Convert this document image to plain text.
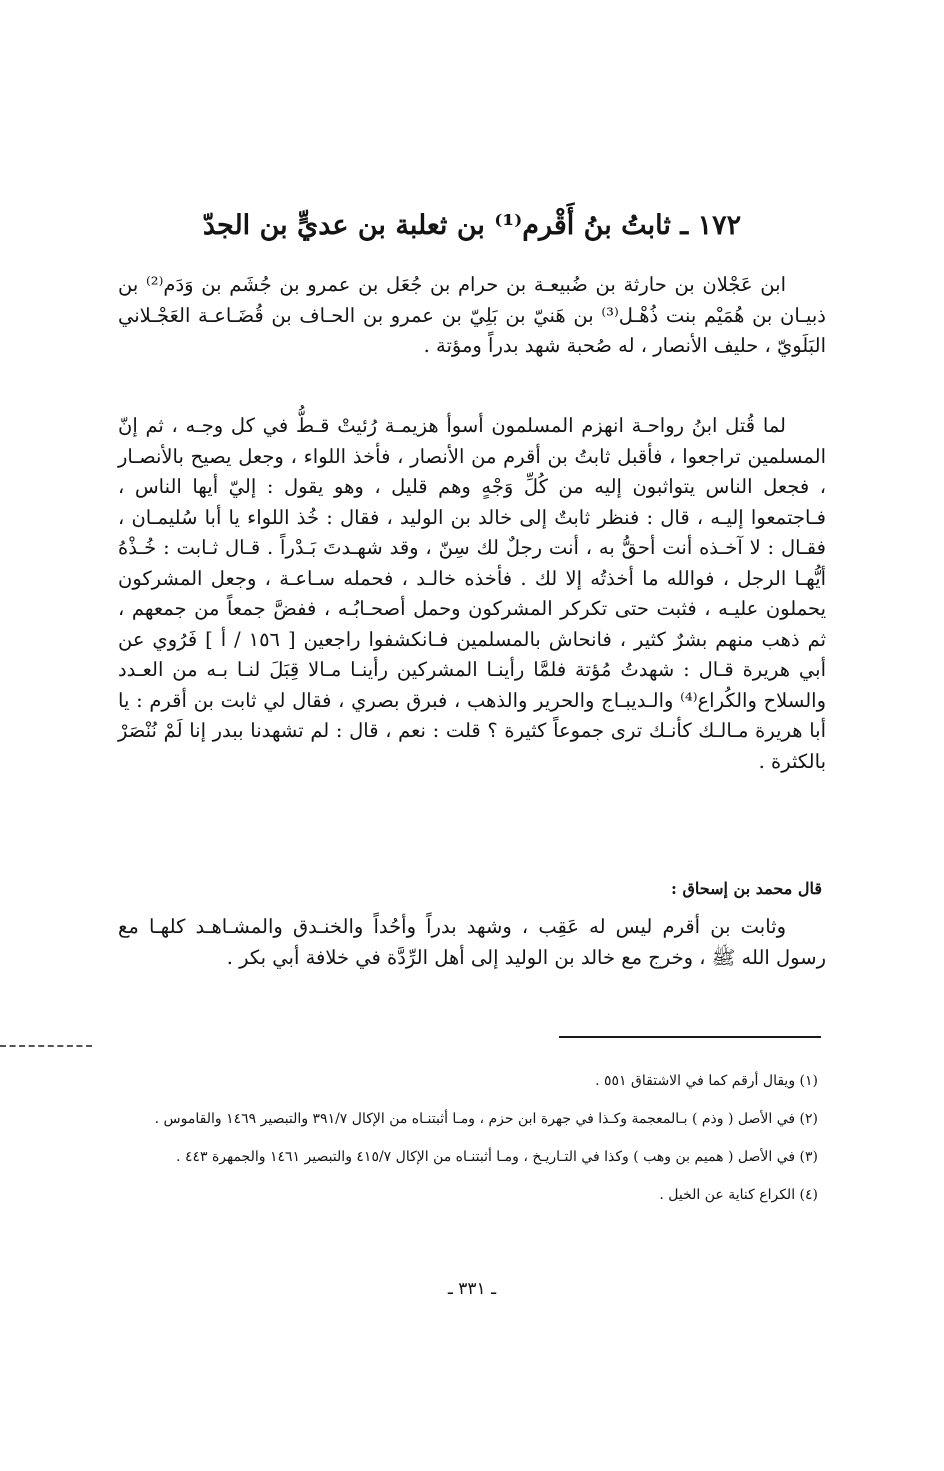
١٧٢ ـ ثابتُ بنُ أَقْرم⁽¹⁾ بن ثعلبة بن عديٍّ بن الجدّ

ابن عَجْلان بن حارثة بن ضُبيعـة بن حرام بن جُعَل بن عمرو بن جُشَم بن وَدَم⁽²⁾ بن ذبيـان بن هُمَيْم بنت ذُهْـل⁽³⁾ بن هَنيّ بن بَلِيّ بن عمرو بن الحـاف بن قُضَـاعـة العَجْـلاني البَلَويّ ، حليف الأنصار ، له صُحبة شهد بدراً ومؤتة .

لما قُتل ابنُ رواحـة انهزم المسلمون أسوأ هزيمـة رُئيتْ قـطُّ في كل وجـه ، ثم إنّ المسلمين تراجعوا ، فأقبل ثابتُ بن أقرم من الأنصار ، فأخذ اللواء ، وجعل يصيح بالأنصـار ، فجعل الناس يتواثبون إليه من كُلِّ وَجْهٍ وهم قليل ، وهو يقول : إليّ أيها الناس ، فـاجتمعوا إليـه ، قال : فنظر ثابتٌ إلى خالد بن الوليد ، فقال : خُذ اللواء يا أبا سُليمـان ، فقـال : لا آخـذه أنت أحقُّ به ، أنت رجلٌ لك سِنّ ، وقد شهـدتَ بَـدْراً . قـال ثـابت : خُـذْهُ أيُّهـا الرجل ، فوالله ما أخذتُه إلا لك . فأخذه خالـد ، فحمله سـاعـة ، وجعل المشركون يحملون عليـه ، فثبت حتى تكركر المشركون وحمل أصحـابُـه ، ففضَّ جمعاً من جمعهم ، ثم ذهب منهم بشرٌ كثير ، فانحاش بالمسلمين فـانكشفوا راجعين [ ١٥٦ / أ ] فَرُوي عن أبي هريرة قـال : شهدتُ مُؤتة فلمَّا رأينـا المشركين رأينـا مـالا قِبَلَ لنـا بـه من العـدد والسلاح والكُراع⁽⁴⁾ والـديبـاج والحرير والذهب ، فبرق بصري ، فقال لي ثابت بن أقرم : يا أبا هريرة مـالـك كأنـك ترى جموعاً كثيرة ؟ قلت : نعم ، قال : لم تشهدنا ببدر إنا لَمْ نُنْصَرْ بالكثرة .

قال محمد بن إسحاق :

وثابت بن أقرم ليس له عَقِب ، وشهد بدراً وأحُداً والخنـدق والمشـاهـد كلهـا مع رسول الله ﷺ ، وخرج مع خالد بن الوليد إلى أهل الرِّدَّة في خلافة أبي بكر .

(١) ويقال أرقم كما في الاشتقاق ٥٥١ .

(٢) في الأصل ( وذم ) بـالمعجمة وكـذا في جهرة ابن حزم ، ومـا أثبتنـاه من الإكال ٣٩١/٧ والتبصير ١٤٦٩ والقاموس .

(٣) في الأصل ( هميم بن وهب ) وكذا في التـاريـخ ، ومـا أثبتنـاه من الإكال ٤١٥/٧ والتبصير ١٤٦١ والجمهرة ٤٤٣ .

(٤) الكراع كناية عن الخيل .

ـ ٣٣١ ـ
